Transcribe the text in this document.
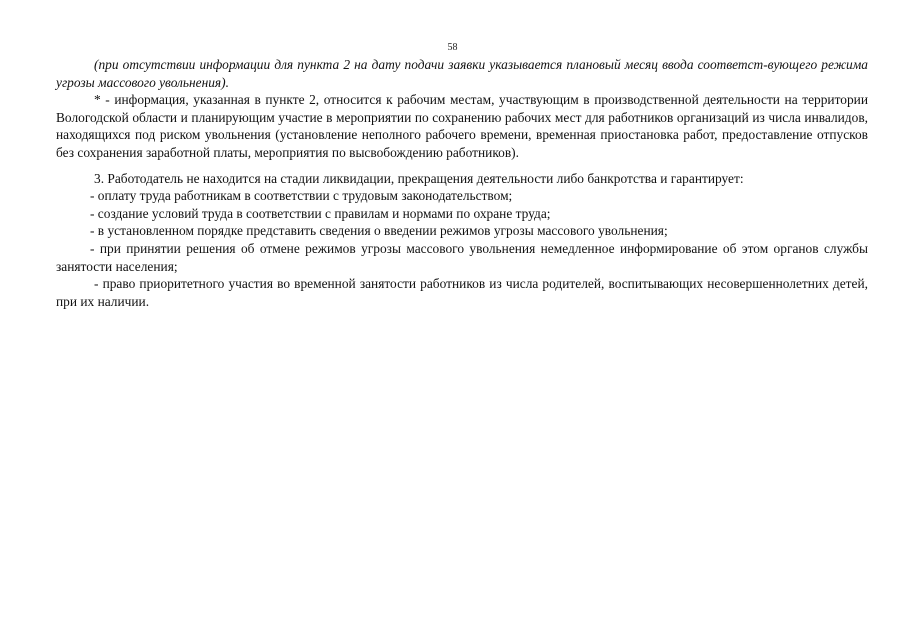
58

(при отсутствии информации для пункта 2 на дату подачи заявки указывается плановый месяц ввода соответст-вующего режима угрозы массового увольнения).

* - информация, указанная в пункте 2, относится к рабочим местам, участвующим в производственной деятельности на территории Вологодской области и планирующим участие в мероприятии по сохранению рабочих мест для работников организаций из числа инвалидов, находящихся под риском увольнения (установление неполного рабочего времени, временная приостановка работ, предоставление отпусков без сохранения заработной платы, мероприятия по высвобождению работников).

3. Работодатель не находится на стадии ликвидации, прекращения деятельности либо банкротства и гарантирует:

- оплату труда работникам в соответствии с трудовым законодательством;

- создание условий труда в соответствии с правилам и нормами по охране труда;

- в установленном порядке представить сведения о введении режимов угрозы массового увольнения;

- при принятии решения об отмене режимов угрозы массового увольнения немедленное информирование об этом органов службы занятости населения;

- право приоритетного участия во временной занятости работников из числа родителей, воспитывающих несовершеннолетних детей, при их наличии.
